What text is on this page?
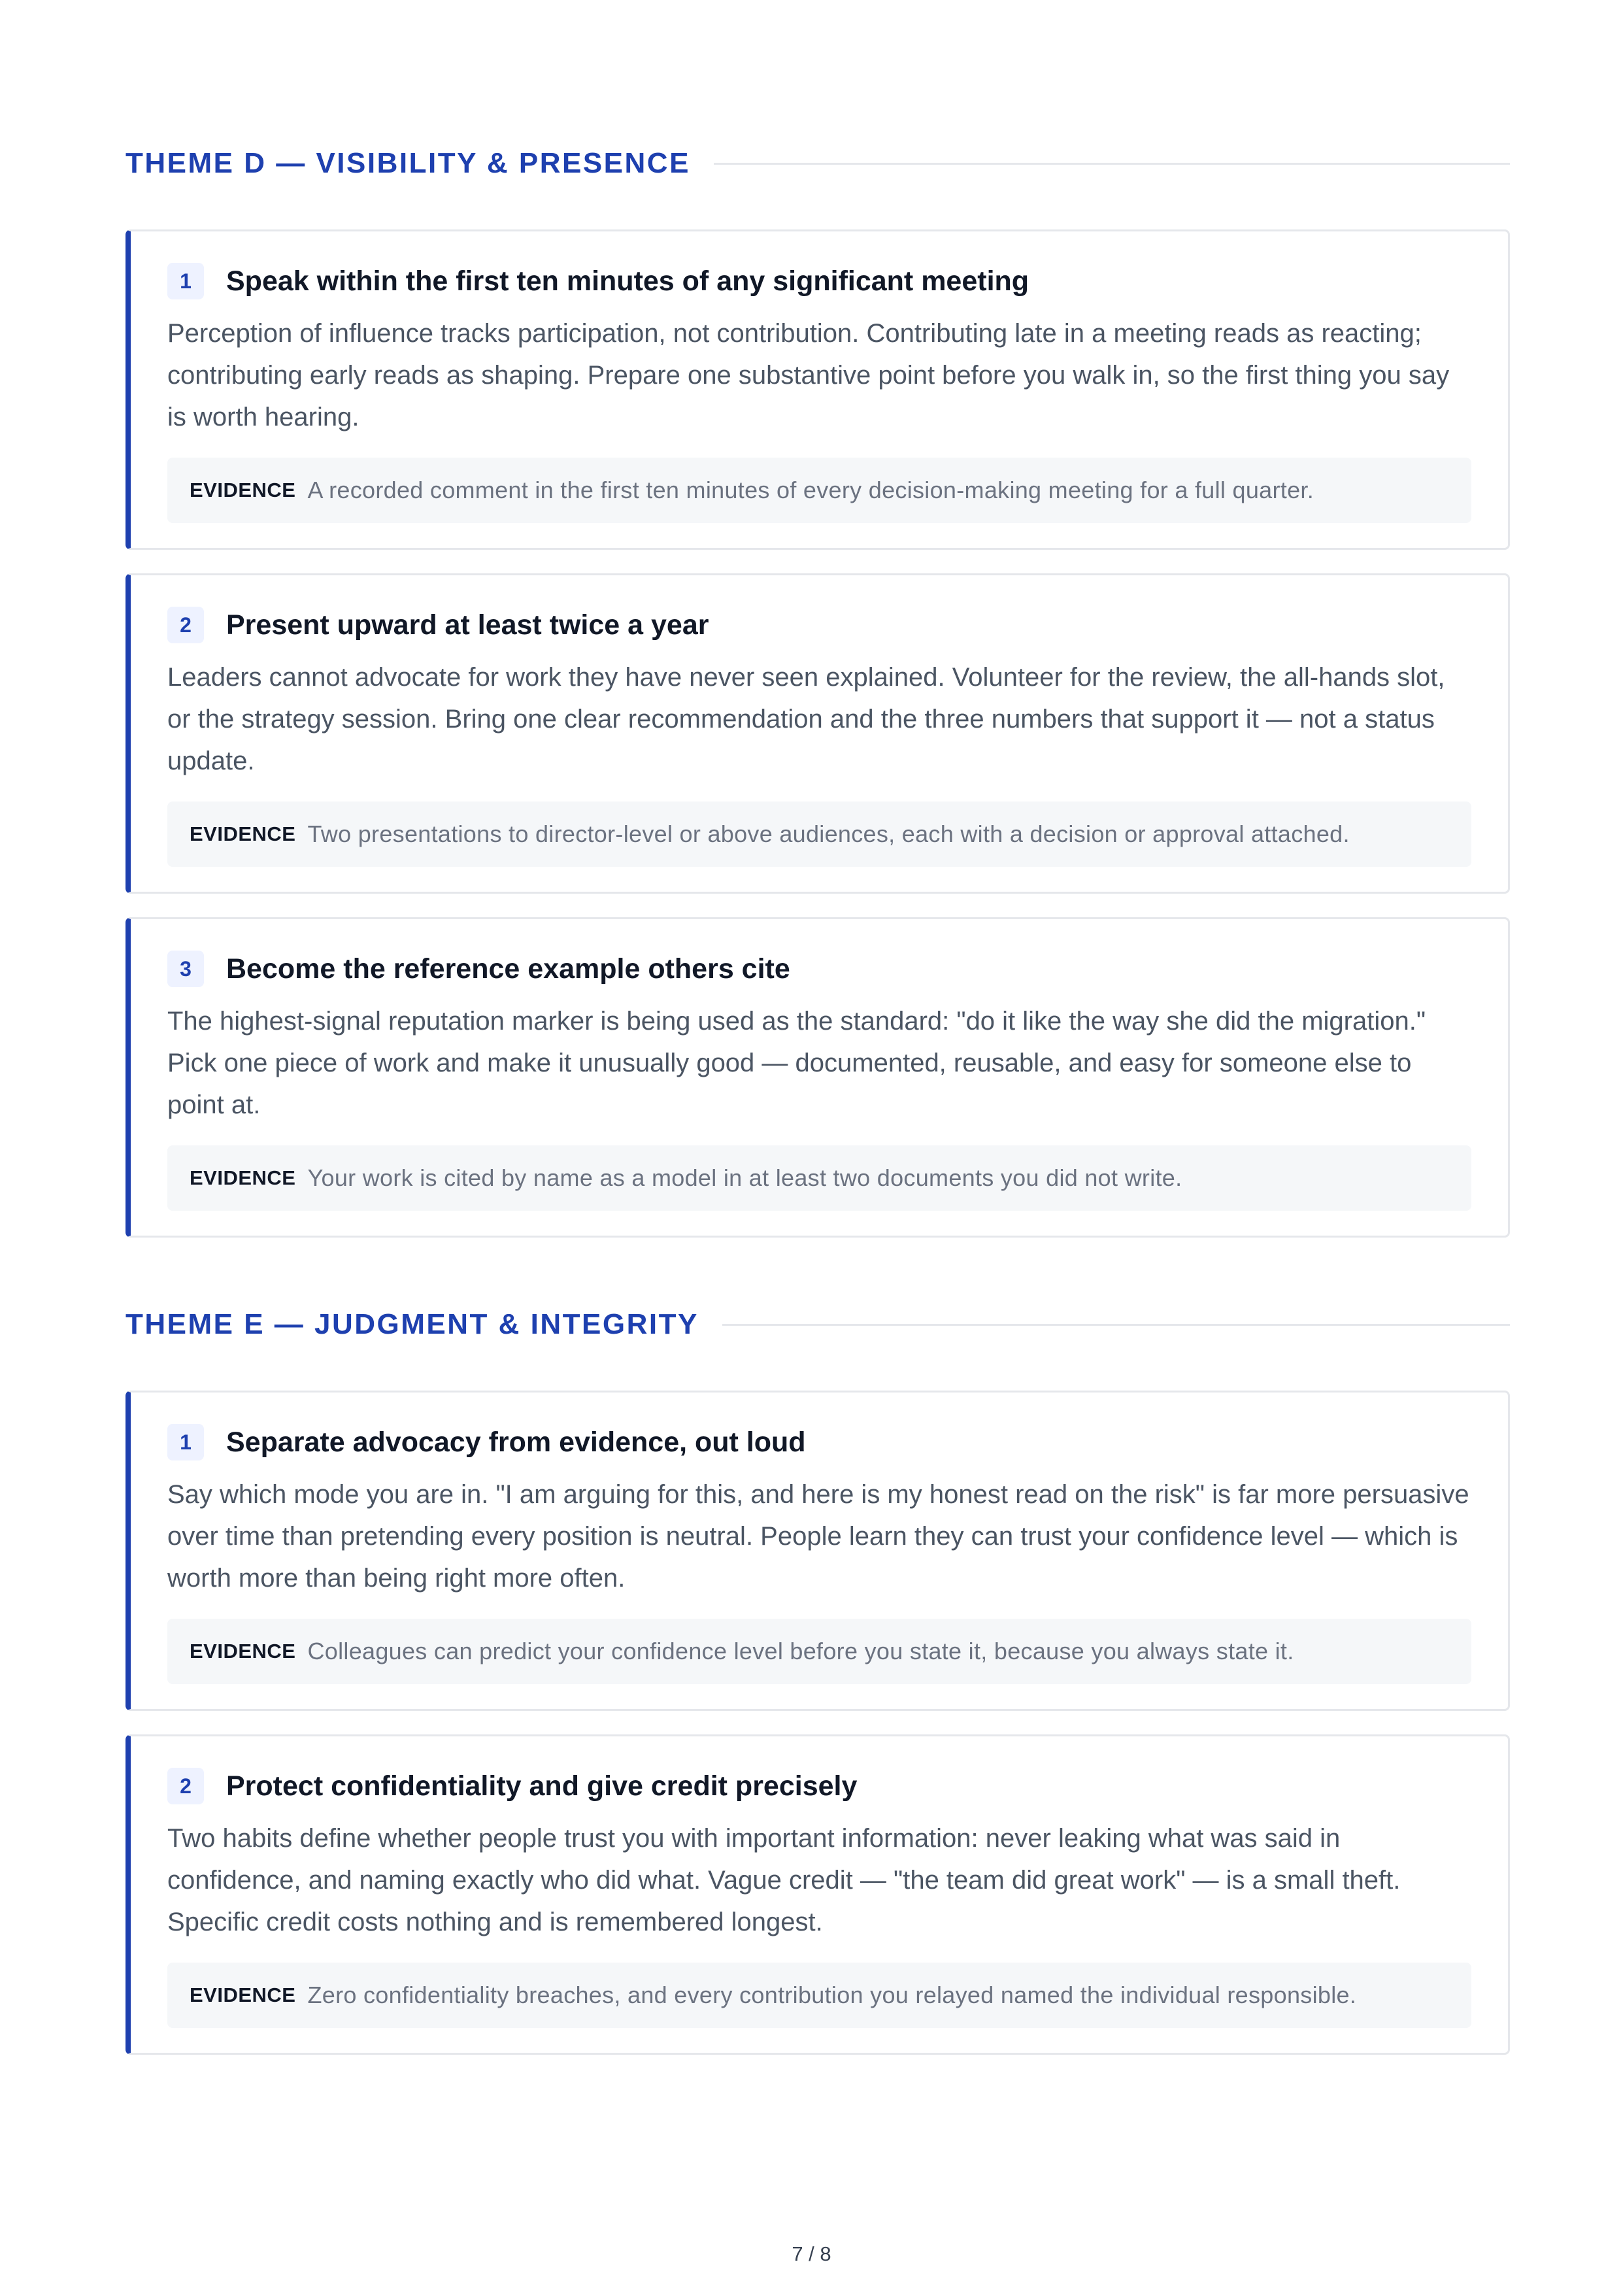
THEME D — VISIBILITY & PRESENCE
1	Speak within the first ten minutes of any significant meeting
Perception of influence tracks participation, not contribution. Contributing late in a meeting reads as reacting; contributing early reads as shaping. Prepare one substantive point before you walk in, so the first thing you say is worth hearing.
EVIDENCE A recorded comment in the first ten minutes of every decision-making meeting for a full quarter.
2	Present upward at least twice a year
Leaders cannot advocate for work they have never seen explained. Volunteer for the review, the all-hands slot, or the strategy session. Bring one clear recommendation and the three numbers that support it — not a status update.
EVIDENCE Two presentations to director-level or above audiences, each with a decision or approval attached.
3	Become the reference example others cite
The highest-signal reputation marker is being used as the standard: "do it like the way she did the migration." Pick one piece of work and make it unusually good — documented, reusable, and easy for someone else to point at.
EVIDENCE Your work is cited by name as a model in at least two documents you did not write.
THEME E — JUDGMENT & INTEGRITY
1	Separate advocacy from evidence, out loud
Say which mode you are in. "I am arguing for this, and here is my honest read on the risk" is far more persuasive over time than pretending every position is neutral. People learn they can trust your confidence level — which is worth more than being right more often.
EVIDENCE Colleagues can predict your confidence level before you state it, because you always state it.
2	Protect confidentiality and give credit precisely
Two habits define whether people trust you with important information: never leaking what was said in confidence, and naming exactly who did what. Vague credit — "the team did great work" — is a small theft. Specific credit costs nothing and is remembered longest.
EVIDENCE Zero confidentiality breaches, and every contribution you relayed named the individual responsible.
7 / 8
